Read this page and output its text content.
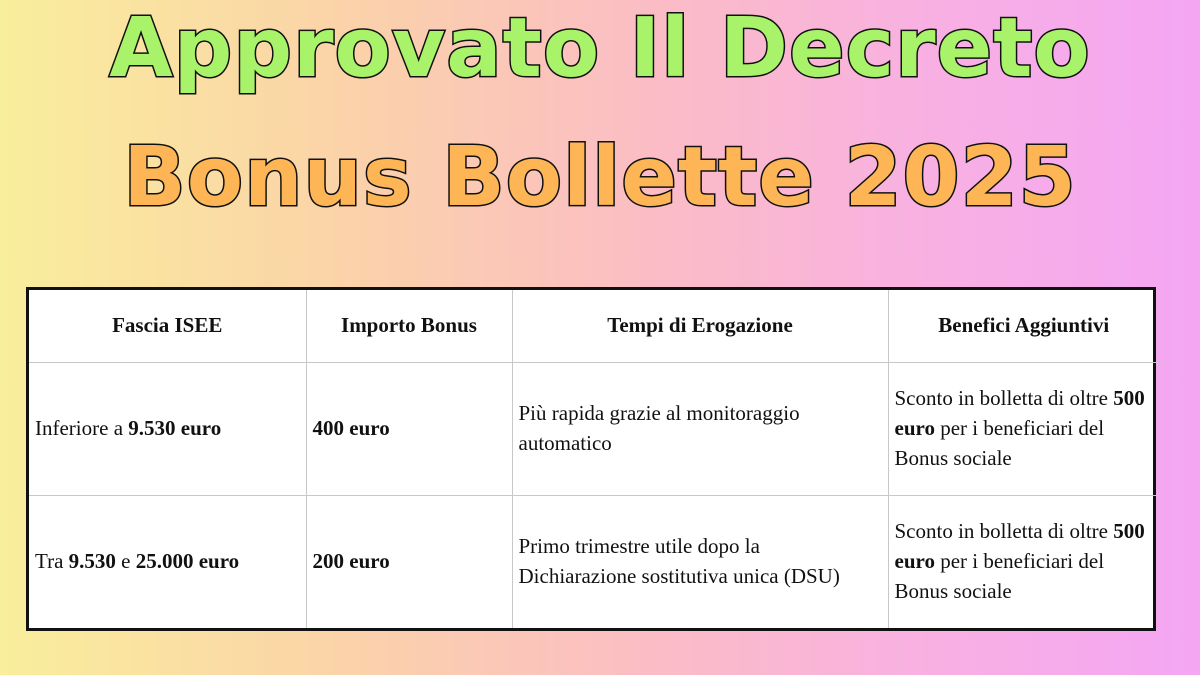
Approvato Il Decreto
Bonus Bollette 2025
Fascia ISEE	Importo Bonus	Tempi di Erogazione	Benefici Aggiuntivi
Inferiore a 9.530 euro	400 euro	Più rapida grazie al monitoraggio automatico	Sconto in bolletta di oltre 500 euro per i beneficiari del Bonus sociale
Tra 9.530 e 25.000 euro	200 euro	Primo trimestre utile dopo la Dichiarazione sostitutiva unica (DSU)	Sconto in bolletta di oltre 500 euro per i beneficiari del Bonus sociale
